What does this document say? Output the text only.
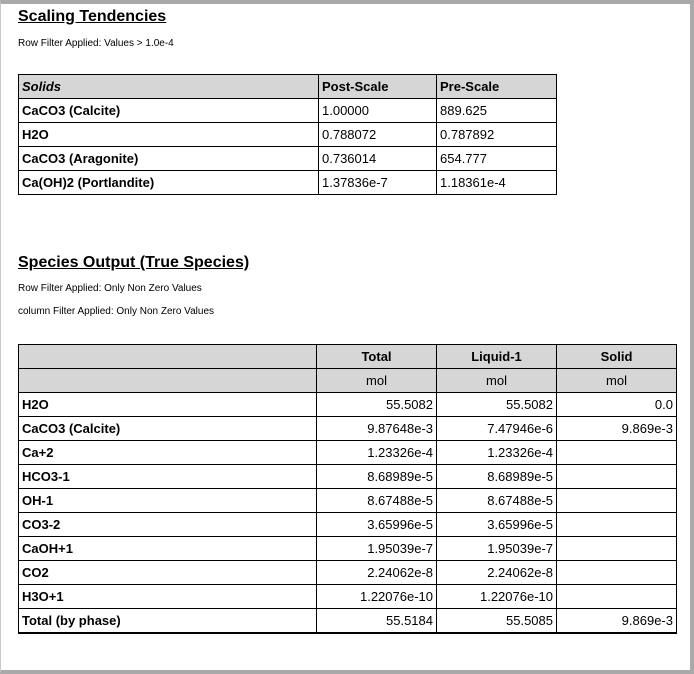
Scaling Tendencies

Row Filter Applied: Values > 1.0e-4

Solids	Post-Scale	Pre-Scale
CaCO3 (Calcite)	1.00000	889.625
H2O	0.788072	0.787892
CaCO3 (Aragonite)	0.736014	654.777
Ca(OH)2 (Portlandite)	1.37836e-7	1.18361e-4
Species Output (True Species)

Row Filter Applied: Only Non Zero Values

column Filter Applied: Only Non Zero Values

	Total	Liquid-1	Solid
	mol	mol	mol
H2O	55.5082	55.5082	0.0
CaCO3 (Calcite)	9.87648e-3	7.47946e-6	9.869e-3
Ca+2	1.23326e-4	1.23326e-4	
HCO3-1	8.68989e-5	8.68989e-5	
OH-1	8.67488e-5	8.67488e-5	
CO3-2	3.65996e-5	3.65996e-5	
CaOH+1	1.95039e-7	1.95039e-7	
CO2	2.24062e-8	2.24062e-8	
H3O+1	1.22076e-10	1.22076e-10	
Total (by phase)	55.5184	55.5085	9.869e-3
